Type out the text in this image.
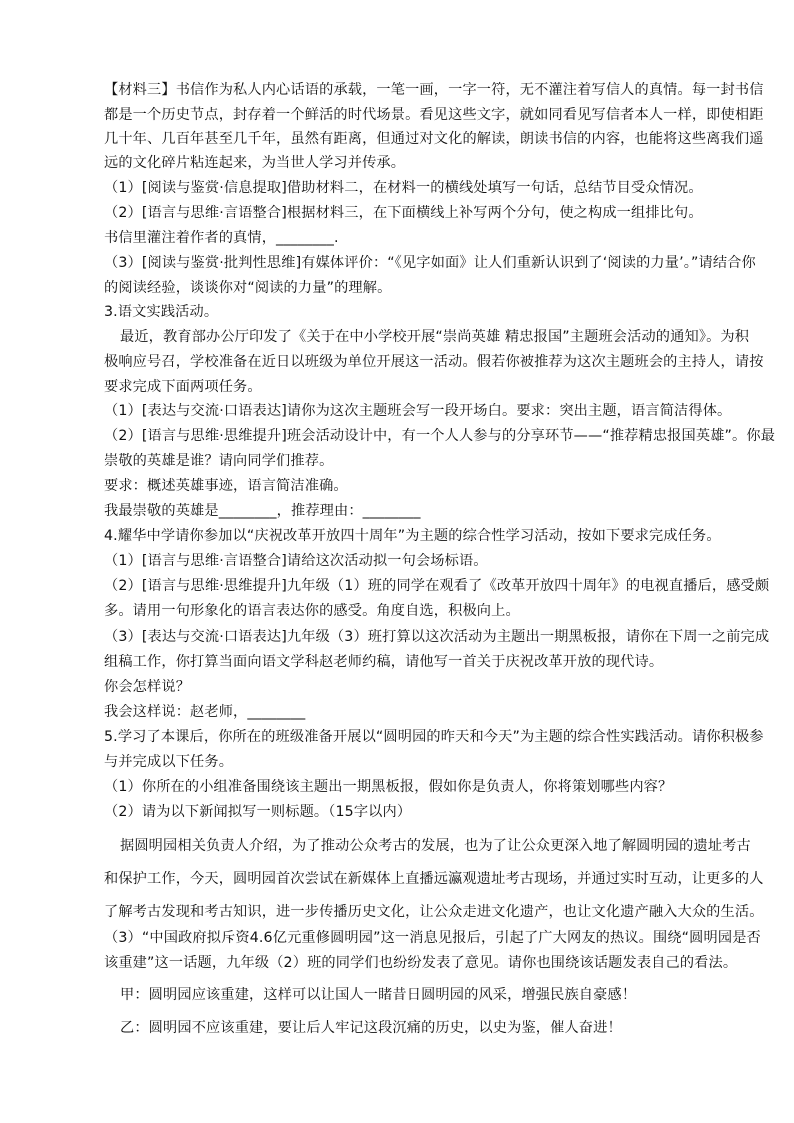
【材料三】书信作为私人内心话语的承载，一笔一画，一字一符，无不灌注着写信人的真情。每一封书信
都是一个历史节点，封存着一个鲜活的时代场景。看见这些文字，就如同看见写信者本人一样，即使相距
几十年、几百年甚至几千年，虽然有距离，但通过对文化的解读，朗读书信的内容，也能将这些离我们遥
远的文化碎片粘连起来，为当世人学习并传承。
（1）[阅读与鉴赏·信息提取]借助材料二，在材料一的横线处填写一句话，总结节目受众情况。
（2）[语言与思维·言语整合]根据材料三，在下面横线上补写两个分句，使之构成一组排比句。
书信里灌注着作者的真情，________.
（3）[阅读与鉴赏·批判性思维]有媒体评价：“《见字如面》让人们重新认识到了‘阅读的力量’。”请结合你
的阅读经验，谈谈你对“阅读的力量”的理解。
3.语文实践活动。
最近，教育部办公厅印发了《关于在中小学校开展“崇尚英雄 精忠报国”主题班会活动的通知》。为积
极响应号召，学校准备在近日以班级为单位开展这一活动。假若你被推荐为这次主题班会的主持人，请按
要求完成下面两项任务。
（1）[表达与交流·口语表达]请你为这次主题班会写一段开场白。要求：突出主题，语言简洁得体。
（2）[语言与思维·思维提升]班会活动设计中，有一个人人参与的分享环节——“推荐精忠报国英雄”。你最
崇敬的英雄是谁？请向同学们推荐。
要求：概述英雄事迹，语言简洁准确。
我最崇敬的英雄是________，推荐理由：________
4.耀华中学请你参加以“庆祝改革开放四十周年”为主题的综合性学习活动，按如下要求完成任务。
（1）[语言与思维·言语整合]请给这次活动拟一句会场标语。
（2）[语言与思维·思维提升]九年级（1）班的同学在观看了《改革开放四十周年》的电视直播后，感受颇
多。请用一句形象化的语言表达你的感受。角度自选，积极向上。
（3）[表达与交流·口语表达]九年级（3）班打算以这次活动为主题出一期黑板报，请你在下周一之前完成
组稿工作，你打算当面向语文学科赵老师约稿，请他写一首关于庆祝改革开放的现代诗。
你会怎样说？
我会这样说：赵老师，________
5.学习了本课后，你所在的班级准备开展以“圆明园的昨天和今天”为主题的综合性实践活动。请你积极参
与并完成以下任务。
（1）你所在的小组准备围绕该主题出一期黑板报，假如你是负责人，你将策划哪些内容？
（2）请为以下新闻拟写一则标题。（15字以内）
据圆明园相关负责人介绍，为了推动公众考古的发展，也为了让公众更深入地了解圆明园的遗址考古
和保护工作，今天，圆明园首次尝试在新媒体上直播远瀛观遗址考古现场，并通过实时互动，让更多的人
了解考古发现和考古知识，进一步传播历史文化，让公众走进文化遗产，也让文化遗产融入大众的生活。
（3）“中国政府拟斥资4.6亿元重修圆明园”这一消息见报后，引起了广大网友的热议。围绕“圆明园是否
该重建”这一话题，九年级（2）班的同学们也纷纷发表了意见。请你也围绕该话题发表自己的看法。
甲：圆明园应该重建，这样可以让国人一睹昔日圆明园的风采，增强民族自豪感！
乙：圆明园不应该重建，要让后人牢记这段沉痛的历史，以史为鉴，催人奋进！
